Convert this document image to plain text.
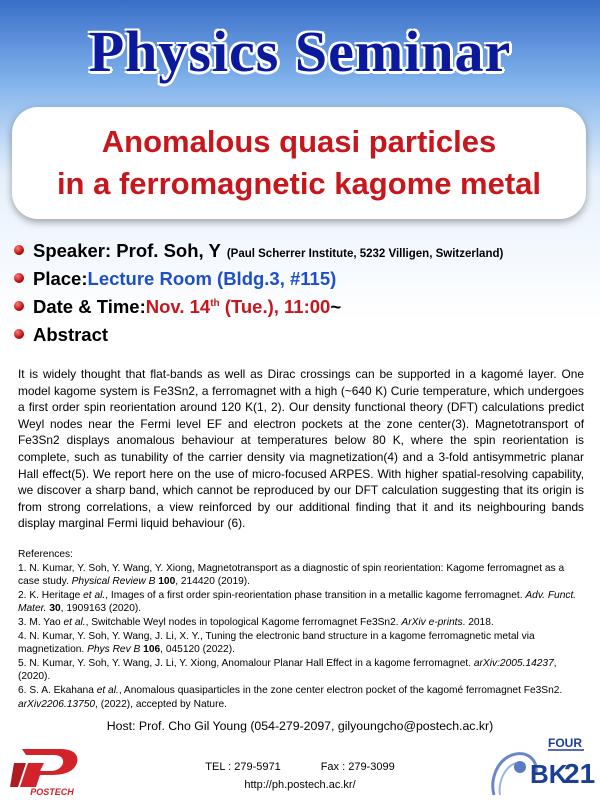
Physics Seminar
Anomalous quasi particles
in a ferromagnetic kagome metal
Speaker: Prof. Soh, Y (Paul Scherrer Institute, 5232 Villigen, Switzerland)
Place: Lecture Room (Bldg.3, #115)
Date & Time: Nov. 14th (Tue.), 11:00 ~
Abstract
It is widely thought that flat-bands as well as Dirac crossings can be supported in a kagomé layer. One model kagome system is Fe3Sn2, a ferromagnet with a high (~640 K) Curie temperature, which undergoes a first order spin reorientation around 120 K(1, 2). Our density functional theory (DFT) calculations predict Weyl nodes near the Fermi level EF and electron pockets at the zone center(3). Magnetotransport of Fe3Sn2 displays anomalous behaviour at temperatures below 80 K, where the spin reorientation is complete, such as tunability of the carrier density via magnetization(4) and a 3-fold antisymmetric planar Hall effect(5). We report here on the use of micro-focused ARPES. With higher spatial-resolving capability, we discover a sharp band, which cannot be reproduced by our DFT calculation suggesting that its origin is from strong correlations, a view reinforced by our additional finding that it and its neighbouring bands display marginal Fermi liquid behaviour (6).

References:

1. N. Kumar, Y. Soh, Y. Wang, Y. Xiong, Magnetotransport as a diagnostic of spin reorientation: Kagome ferromagnet as a case study. Physical Review B 100, 214420 (2019).

2. K. Heritage et al., Images of a first order spin-reorientation phase transition in a metallic kagome ferromagnet. Adv. Funct. Mater. 30, 1909163 (2020).

3. M. Yao et al., Switchable Weyl nodes in topological Kagome ferromagnet Fe3Sn2. ArXiv e-prints. 2018.

4. N. Kumar, Y. Soh, Y. Wang, J. Li, X. Y., Tuning the electronic band structure in a kagome ferromagnetic metal via magnetization. Phys Rev B 106, 045120 (2022).

5. N. Kumar, Y. Soh, Y. Wang, J. Li, Y. Xiong, Anomalour Planar Hall Effect in a kagome ferromagnet. arXiv:2005.14237, (2020).

6. S. A. Ekahana et al., Anomalous quasiparticles in the zone center electron pocket of the kagomé ferromagnet Fe3Sn2. arXiv2206.13750, (2022), accepted by Nature.

Host: Prof. Cho Gil Young (054-279-2097, gilyoungcho@postech.ac.kr)
TEL : 279-5971	Fax : 279-3099
http://ph.postech.ac.kr/
POSTECH
FOUR
BK
21
